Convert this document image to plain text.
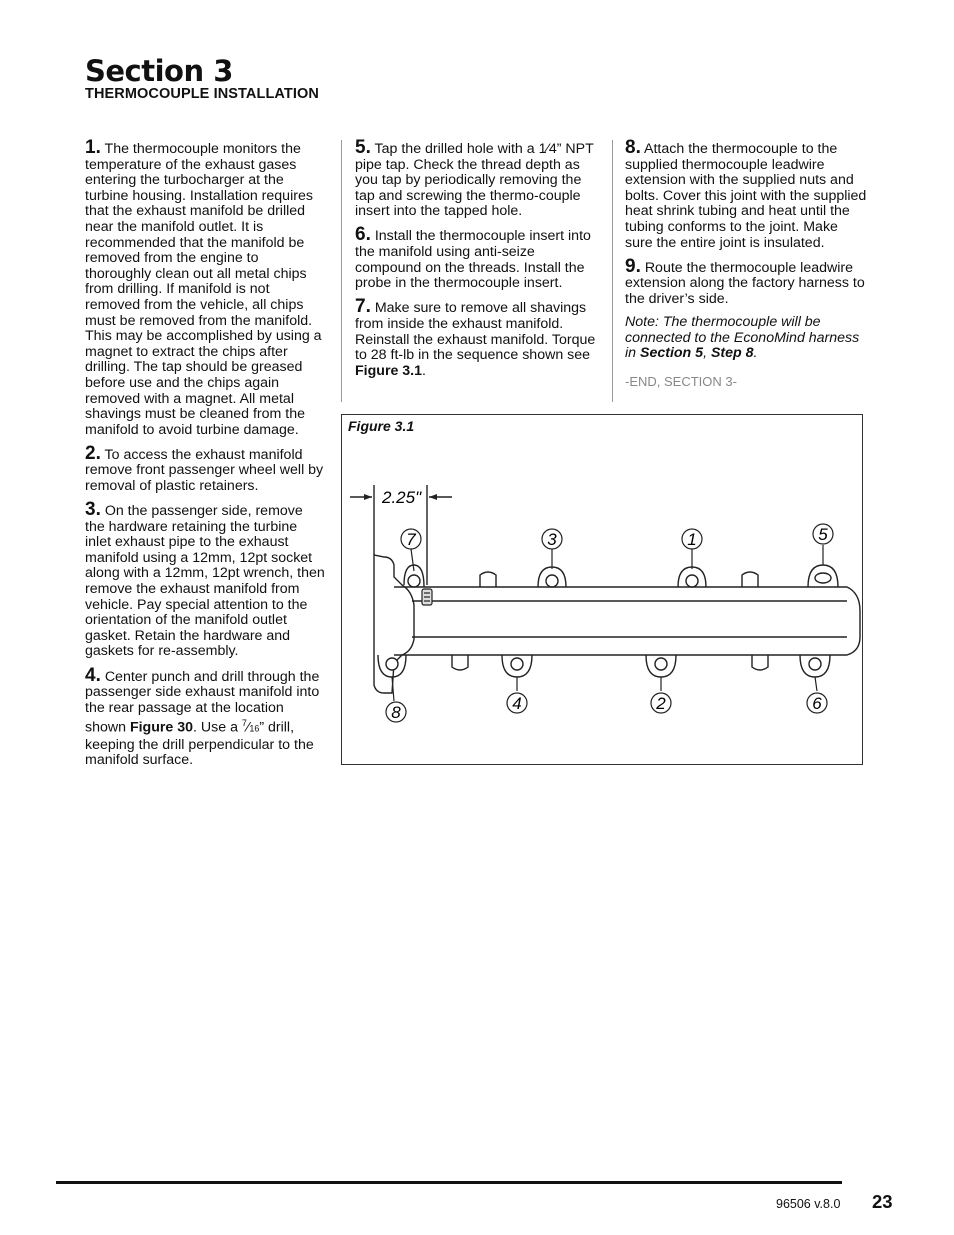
Section 3

THERMOCOUPLE INSTALLATION

1. The thermocouple monitors the temperature of the exhaust gases entering the turbocharger at the turbine housing. Installation requires that the exhaust manifold be drilled near the manifold outlet. It is recommended that the manifold be removed from the engine to thoroughly clean out all metal chips from drilling. If manifold is not removed from the vehicle, all chips must be removed from the manifold. This may be accomplished by using a magnet to extract the chips after drilling. The tap should be greased before use and the chips again removed with a magnet. All metal shavings must be cleaned from the manifold to avoid turbine damage.

2. To access the exhaust manifold remove front passenger wheel well by removal of plastic retainers.

3. On the passenger side, remove the hardware retaining the turbine inlet exhaust pipe to the exhaust manifold using a 12mm, 12pt socket along with a 12mm, 12pt wrench, then remove the exhaust manifold from vehicle. Pay special attention to the orientation of the manifold outlet gasket. Retain the hardware and gaskets for re-assembly.

4. Center punch and drill through the passenger side exhaust manifold into the rear passage at the location shown Figure 30. Use a $^7$⁄16” drill, keeping the drill perpendicular to the manifold surface.

5. Tap the drilled hole with a 1⁄4” NPT pipe tap. Check the thread depth as you tap by periodically removing the tap and screwing the thermo-couple insert into the tapped hole.

6. Install the thermocouple insert into the manifold using anti-seize compound on the threads. Install the probe in the thermocouple insert.

7. Make sure to remove all shavings from inside the exhaust manifold. Reinstall the exhaust manifold. Torque to 28 ft-lb in the sequence shown see Figure 3.1.

8. Attach the thermocouple to the supplied thermocouple leadwire extension with the supplied nuts and bolts. Cover this joint with the supplied heat shrink tubing and heat until the tubing conforms to the joint. Make sure the entire joint is insulated.

9. Route the thermocouple leadwire extension along the factory harness to the driver’s side.

Note: The thermocouple will be connected to the EconoMind harness in Section 5, Step 8.

-END, SECTION 3-

Figure 3.1

2.25"
7	3	1	5
8	4	2	6
96506 v.8.0 23
